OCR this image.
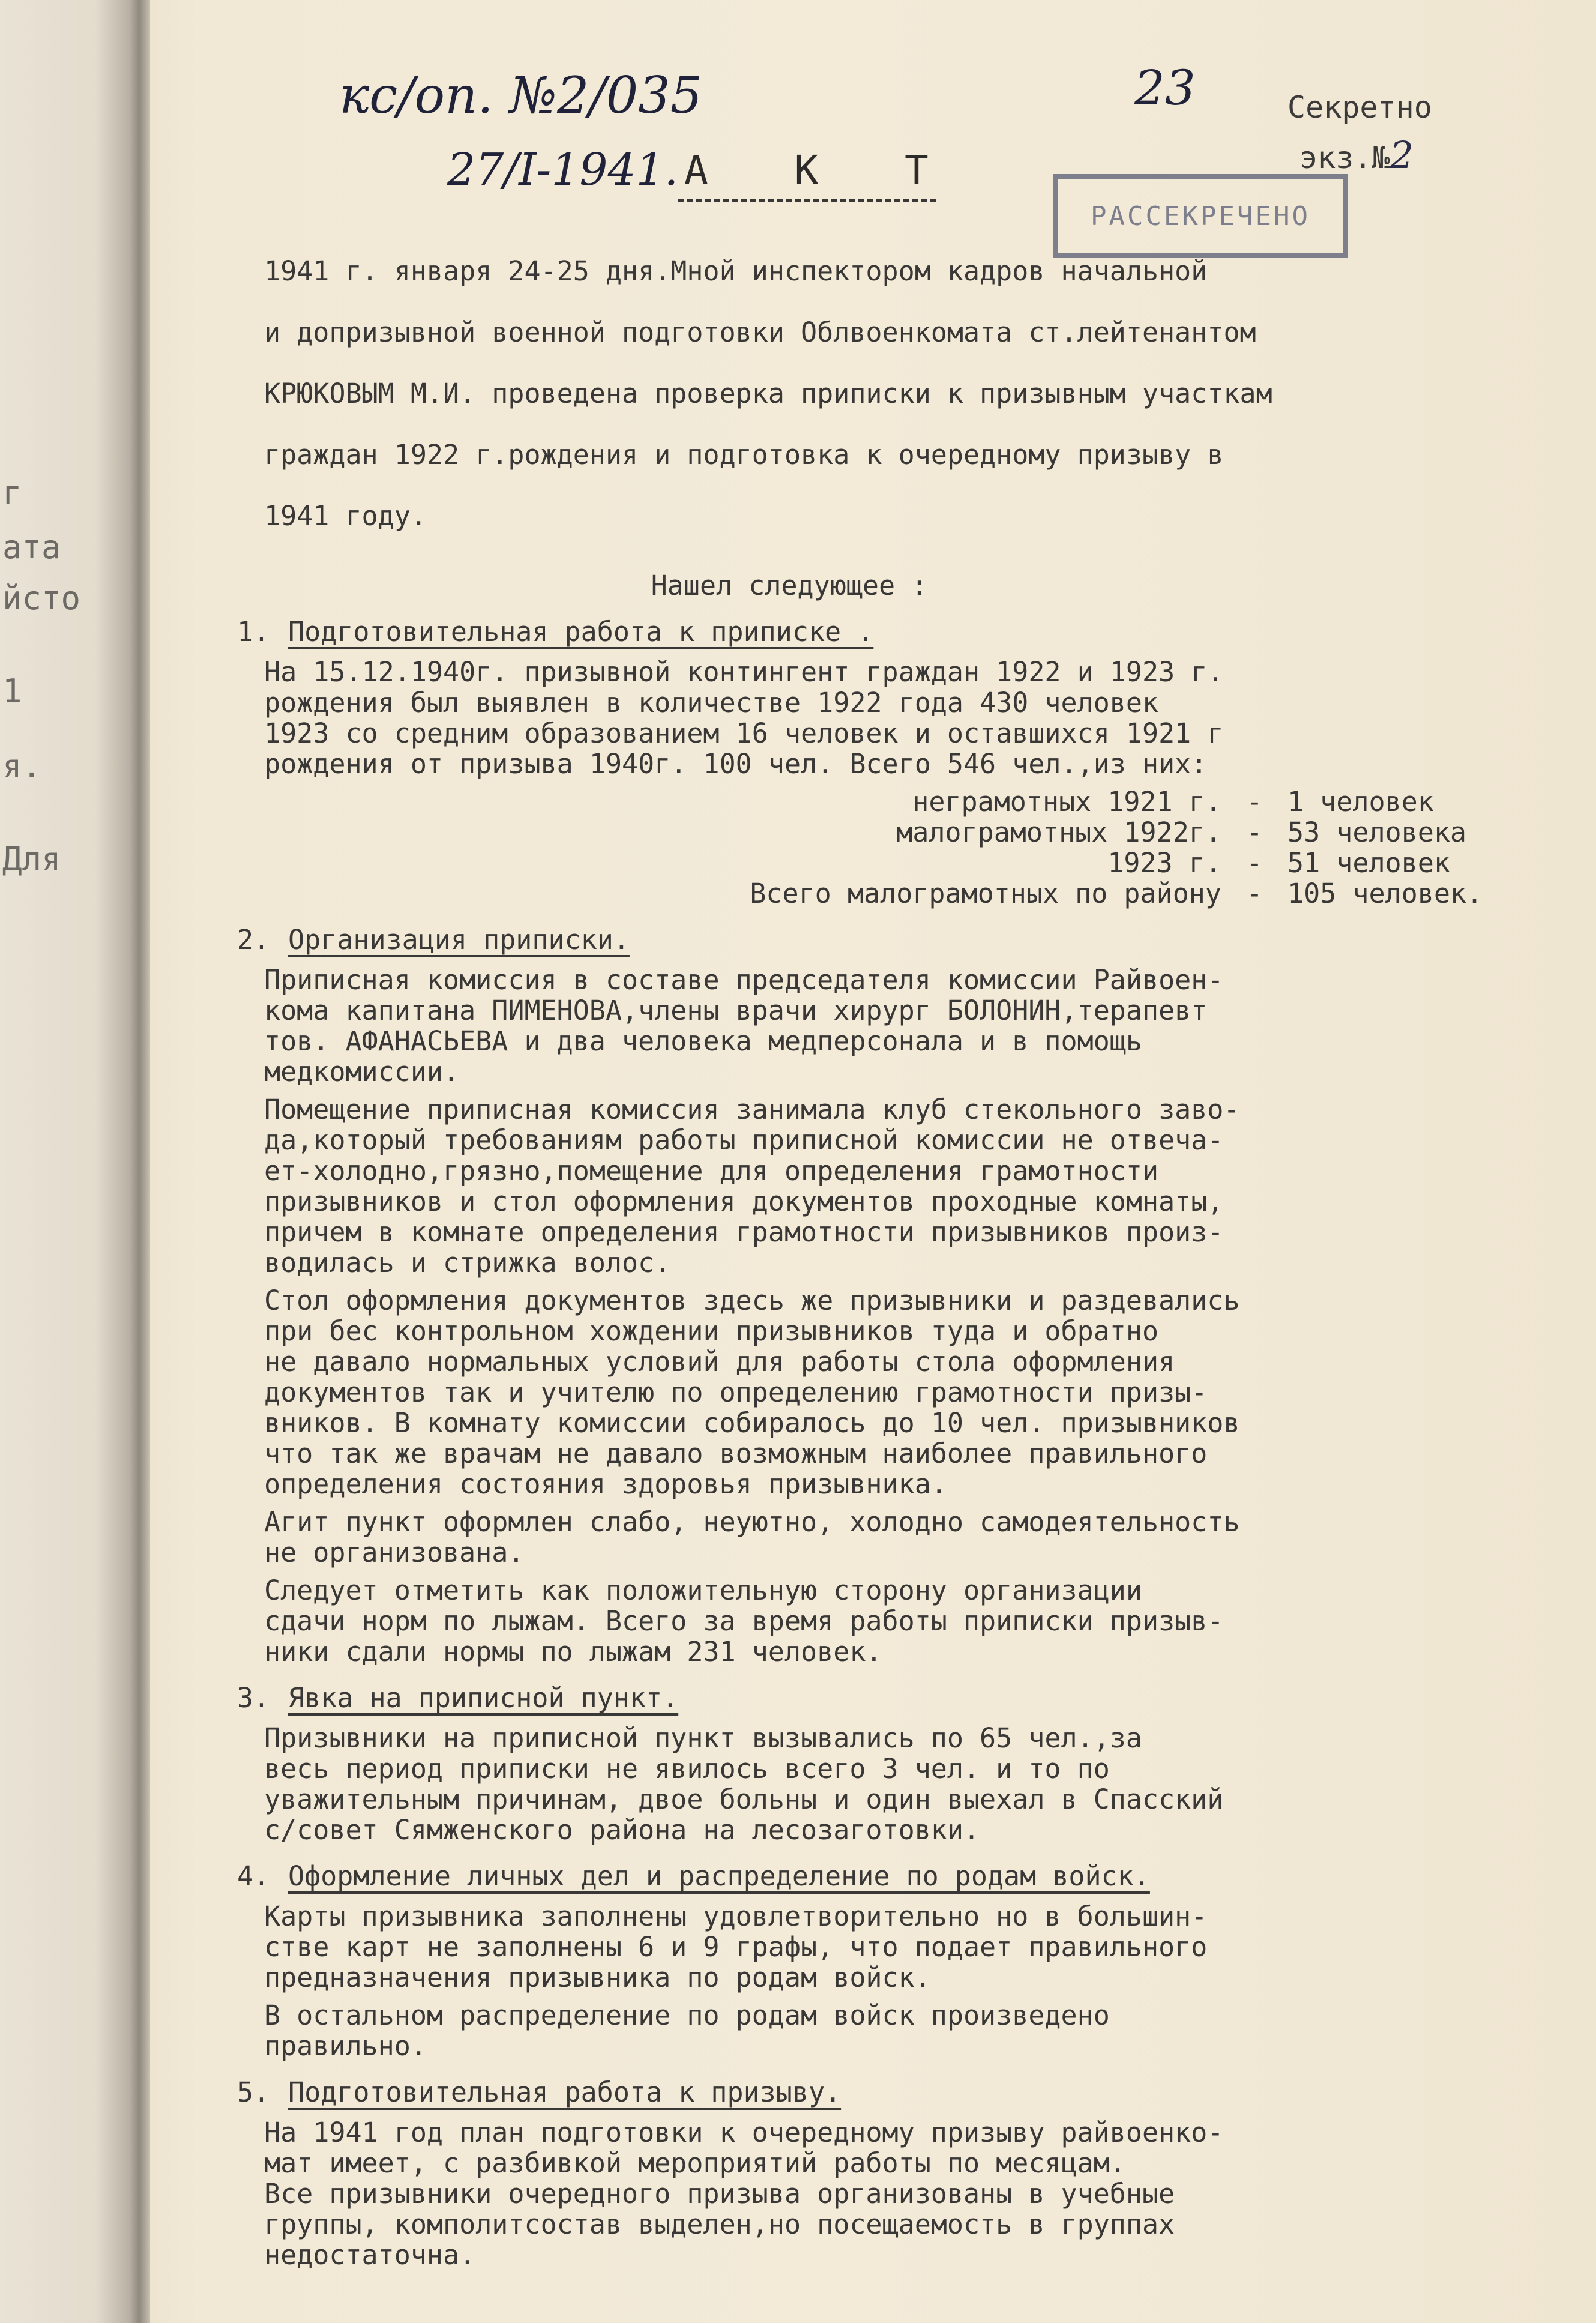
г
ата
йсто
1
я.
Для
кс/оп. №2/035	23
27/I-1941. А К Т
Секретно
экз.№2
РАССЕКРЕЧЕНО

1941 г. января 24-25 дня.Мной инспектором кадров начальной

и допризывной военной подготовки Облвоенкомата ст.лейтенантом

КРЮКОВЫМ М.И. проведена проверка приписки к призывным участкам

граждан 1922 г.рождения и подготовка к очередному призыву в

1941 году.

Нашел следующее :
1. Подготовительная работа к приписке .
На 15.12.1940г. призывной контингент граждан 1922 и 1923 г.
рождения был выявлен в количестве 1922 года 430 человек
1923 со средним образованием 16 человек и оставшихся 1921 г
рождения от призыва 1940г. 100 чел. Всего 546 чел.,из них:
неграмотных 1921 г. - 1 человек
малограмотных 1922г. - 53 человека
1923 г. - 51 человек
Всего малограмотных по району - 105 человек.
2. Организация приписки.
Приписная комиссия в составе председателя комиссии Райвоен-
кома капитана ПИМЕНОВА,члены врачи хирург БОЛОНИН,терапевт
тов. АФАНАСЬЕВА и два человека медперсонала и в помощь
медкомиссии.
Помещение приписная комиссия занимала клуб стекольного заво-
да,который требованиям работы приписной комиссии не отвеча-
ет-холодно,грязно,помещение для определения грамотности
призывников и стол оформления документов проходные комнаты,
причем в комнате определения грамотности призывников произ-
водилась и стрижка волос.
Стол оформления документов здесь же призывники и раздевались
при бес контрольном хождении призывников туда и обратно
не давало нормальных условий для работы стола оформления
документов так и учителю по определению грамотности призы-
вников. В комнату комиссии собиралось до 10 чел. призывников
что так же врачам не давало возможным наиболее правильного
определения состояния здоровья призывника.
Агит пункт оформлен слабо, неуютно, холодно самодеятельность
не организована.
Следует отметить как положительную сторону организации
сдачи норм по лыжам. Всего за время работы приписки призыв-
ники сдали нормы по лыжам 231 человек.
3. Явка на приписной пункт.
Призывники на приписной пункт вызывались по 65 чел.,за
весь период приписки не явилось всего 3 чел. и то по
уважительным причинам, двое больны и один выехал в Спасский
с/совет Сямженского района на лесозаготовки.
4. Оформление личных дел и распределение по родам войск.
Карты призывника заполнены удовлетворительно но в большин-
стве карт не заполнены 6 и 9 графы, что подает правильного
предназначения призывника по родам войск.
В остальном распределение по родам войск произведено
правильно.
5. Подготовительная работа к призыву.
На 1941 год план подготовки к очередному призыву райвоенко-
мат имеет, с разбивкой мероприятий работы по месяцам.
Все призывники очередного призыва организованы в учебные
группы, комполитсостав выделен,но посещаемость в группах
недостаточна.
